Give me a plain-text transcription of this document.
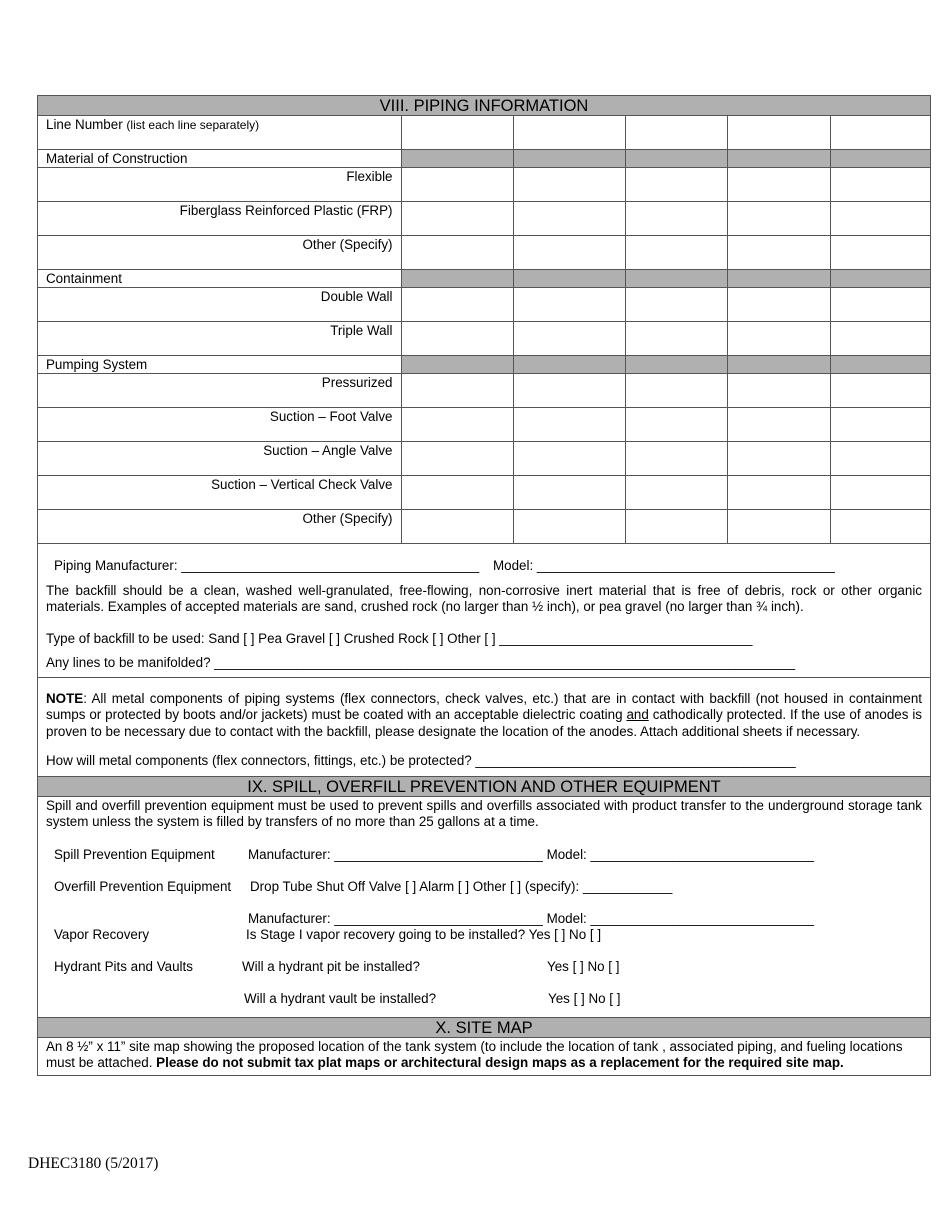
VIII. PIPING INFORMATION
Line Number (list each line separately)					
Material of Construction					
Flexible					
Fiberglass Reinforced Plastic (FRP)					
Other (Specify)					
Containment					
Double Wall					
Triple Wall					
Pumping System					
Pressurized					
Suction – Foot Valve					
Suction – Angle Valve					
Suction – Vertical Check Valve					
Other (Specify)					
Piping Manufacturer: ________________________________________ Model: ________________________________________
The backfill should be a clean, washed well-granulated, free-flowing, non-corrosive inert material that is free of debris, rock or other organic materials. Examples of accepted materials are sand, crushed rock (no larger than ½ inch), or pea gravel (no larger than ¾ inch).
Type of backfill to be used: Sand [ ] Pea Gravel [ ] Crushed Rock [ ] Other [ ] __________________________________
Any lines to be manifolded? ______________________________________________________________________________
NOTE: All metal components of piping systems (flex connectors, check valves, etc.) that are in contact with backfill (not housed in containment sumps or protected by boots and/or jackets) must be coated with an acceptable dielectric coating and cathodically protected. If the use of anodes is proven to be necessary due to contact with the backfill, please designate the location of the anodes. Attach additional sheets if necessary.
How will metal components (flex connectors, fittings, etc.) be protected? ___________________________________________
IX. SPILL, OVERFILL PREVENTION AND OTHER EQUIPMENT
Spill and overfill prevention equipment must be used to prevent spills and overfills associated with product transfer to the underground storage tank system unless the system is filled by transfers of no more than 25 gallons at a time.
Spill Prevention Equipment Manufacturer: ____________________________ Model: ______________________________
Overfill Prevention Equipment Drop Tube Shut Off Valve [ ] Alarm [ ] Other [ ] (specify): ____________
Manufacturer: ____________________________ Model: ______________________________
Vapor Recovery	Is Stage I vapor recovery going to be installed? Yes [ ] No [ ]
Hydrant Pits and Vaults	Will a hydrant pit be installed?	Yes [ ] No [ ]
Will a hydrant vault be installed?	Yes [ ] No [ ]
X. SITE MAP
An 8 ½” x 11” site map showing the proposed location of the tank system (to include the location of tank , associated piping, and fueling locations must be attached. Please do not submit tax plat maps or architectural design maps as a replacement for the required site map.
DHEC3180 (5/2017)
